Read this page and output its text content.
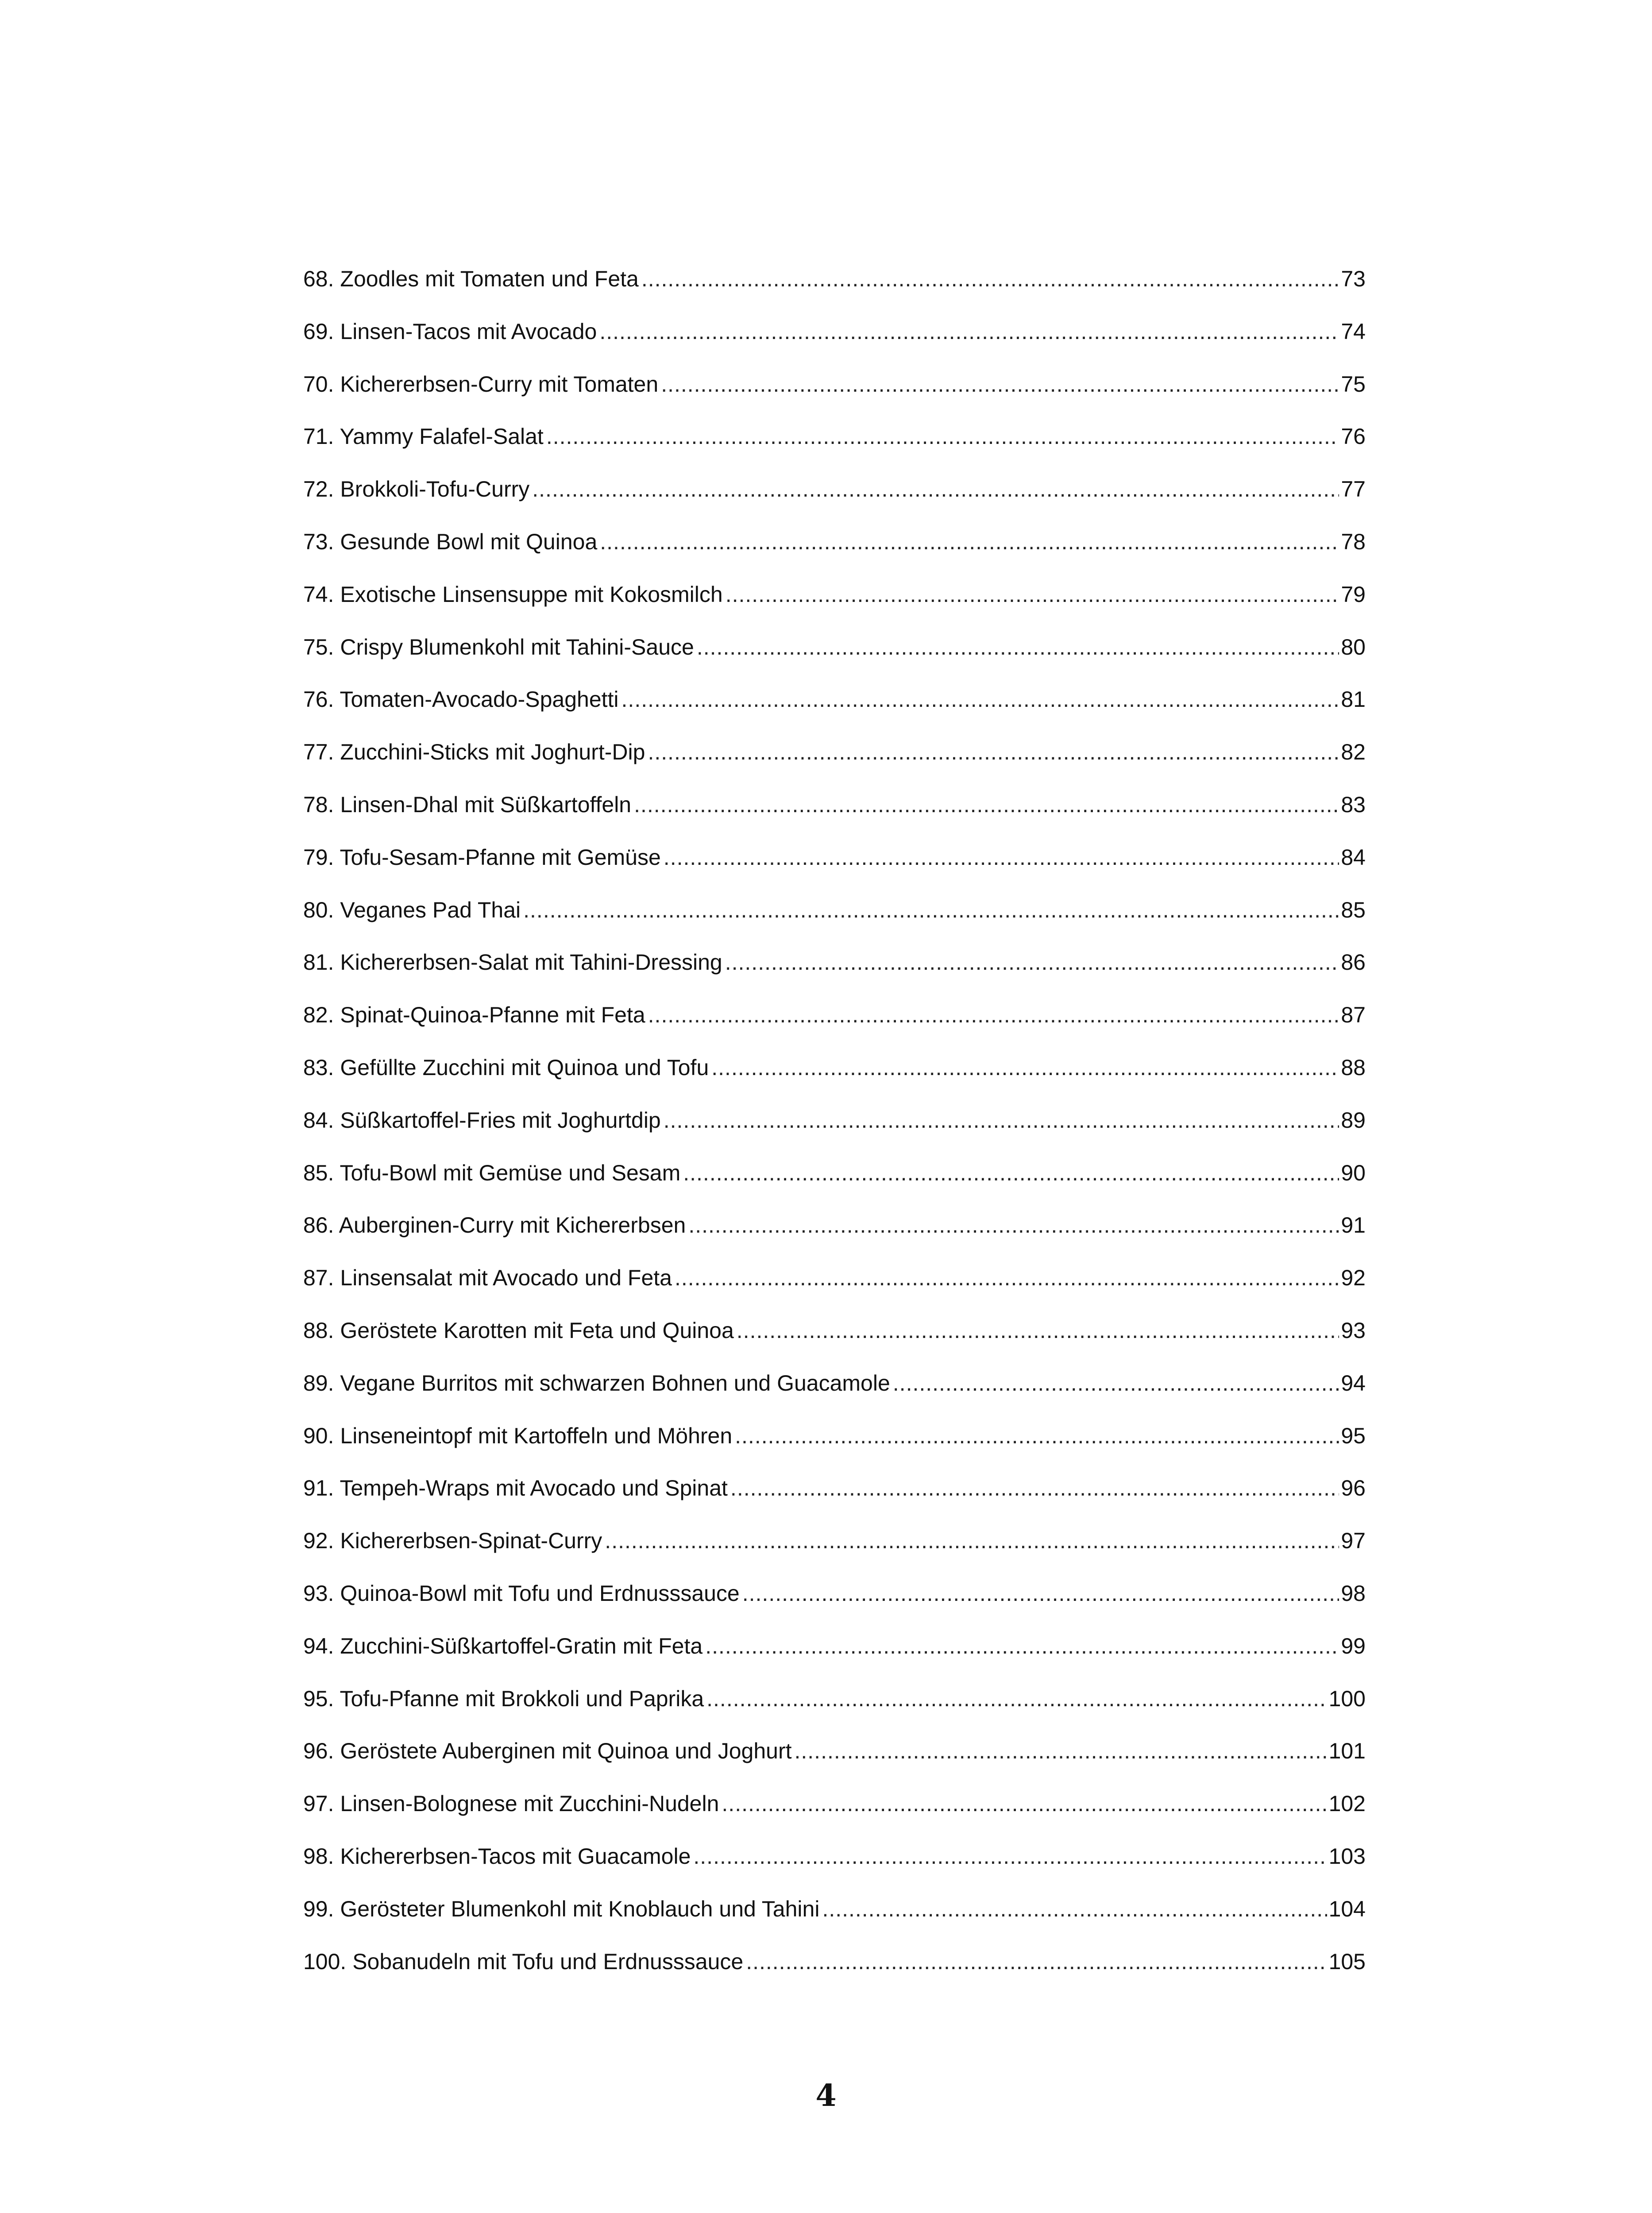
68. Zoodles mit Tomaten und Feta .....	73
69. Linsen-Tacos mit Avocado .....	74
70. Kichererbsen-Curry mit Tomaten .....	75
71. Yammy Falafel-Salat .....	76
72. Brokkoli-Tofu-Curry .....	77
73. Gesunde Bowl mit Quinoa .....	78
74. Exotische Linsensuppe mit Kokosmilch .....	79
75. Crispy Blumenkohl mit Tahini-Sauce .....	80
76. Tomaten-Avocado-Spaghetti .....	81
77. Zucchini-Sticks mit Joghurt-Dip .....	82
78. Linsen-Dhal mit Süßkartoffeln .....	83
79. Tofu-Sesam-Pfanne mit Gemüse .....	84
80. Veganes Pad Thai .....	85
81. Kichererbsen-Salat mit Tahini-Dressing .....	86
82. Spinat-Quinoa-Pfanne mit Feta .....	87
83. Gefüllte Zucchini mit Quinoa und Tofu .....	88
84. Süßkartoffel-Fries mit Joghurtdip .....	89
85. Tofu-Bowl mit Gemüse und Sesam .....	90
86. Auberginen-Curry mit Kichererbsen .....	91
87. Linsensalat mit Avocado und Feta .....	92
88. Geröstete Karotten mit Feta und Quinoa .....	93
89. Vegane Burritos mit schwarzen Bohnen und Guacamole .....	94
90. Linseneintopf mit Kartoffeln und Möhren .....	95
91. Tempeh-Wraps mit Avocado und Spinat .....	96
92. Kichererbsen-Spinat-Curry .....	97
93. Quinoa-Bowl mit Tofu und Erdnusssauce .....	98
94. Zucchini-Süßkartoffel-Gratin mit Feta .....	99
95. Tofu-Pfanne mit Brokkoli und Paprika .....	100
96. Geröstete Auberginen mit Quinoa und Joghurt .....	101
97. Linsen-Bolognese mit Zucchini-Nudeln .....	102
98. Kichererbsen-Tacos mit Guacamole .....	103
99. Gerösteter Blumenkohl mit Knoblauch und Tahini .....	104
100. Sobanudeln mit Tofu und Erdnusssauce .....	105
4
